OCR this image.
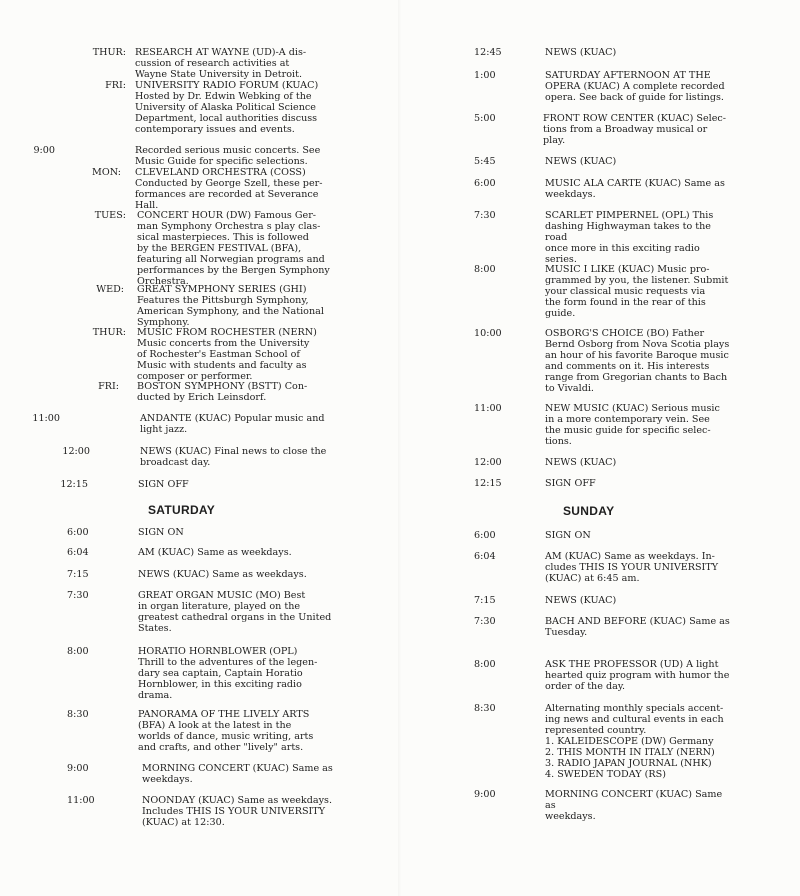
THUR: RESEARCH AT WAYNE (UD)-A dis-
cussion of research activities at
Wayne State University in Detroit.
FRI: UNIVERSITY RADIO FORUM (KUAC)
Hosted by Dr. Edwin Webking of the
University of Alaska Political Science
Department, local authorities discuss
contemporary issues and events.
9:00	Recorded serious music concerts. See
Music Guide for specific selections.
MON: CLEVELAND ORCHESTRA (COSS)
Conducted by George Szell, these per-
formances are recorded at Severance
Hall.
TUES: CONCERT HOUR (DW) Famous Ger-
man Symphony Orchestra s play clas-
sical masterpieces. This is followed
by the BERGEN FESTIVAL (BFA),
featuring all Norwegian programs and
performances by the Bergen Symphony
Orchestra.
WED: GREAT SYMPHONY SERIES (GHI)
Features the Pittsburgh Symphony,
American Symphony, and the National
Symphony.
THUR: MUSIC FROM ROCHESTER (NERN)
Music concerts from the University
of Rochester's Eastman School of
Music with students and faculty as
composer or performer.
FRI: BOSTON SYMPHONY (BSTT) Con-
ducted by Erich Leinsdorf.
11:00	ANDANTE (KUAC) Popular music and
light jazz.
12:00	NEWS (KUAC) Final news to close the
broadcast day.
12:15	SIGN OFF
SATURDAY
6:00	SIGN ON
6:04	AM (KUAC) Same as weekdays.
7:15	NEWS (KUAC) Same as weekdays.
7:30	GREAT ORGAN MUSIC (MO) Best
in organ literature, played on the
greatest cathedral organs in the United
States.
8:00	HORATIO HORNBLOWER (OPL)
Thrill to the adventures of the legen-
dary sea captain, Captain Horatio
Hornblower, in this exciting radio
drama.
8:30	PANORAMA OF THE LIVELY ARTS
(BFA) A look at the latest in the
worlds of dance, music writing, arts
and crafts, and other "lively" arts.
9:00	MORNING CONCERT (KUAC) Same as
weekdays.
11:00	NOONDAY (KUAC) Same as weekdays.
Includes THIS IS YOUR UNIVERSITY
(KUAC) at 12:30.
12:45	NEWS (KUAC)
1:00	SATURDAY AFTERNOON AT THE
OPERA (KUAC) A complete recorded
opera. See back of guide for listings.
5:00	FRONT ROW CENTER (KUAC) Selec-
tions from a Broadway musical or
play.
5:45	NEWS (KUAC)
6:00	MUSIC ALA CARTE (KUAC) Same as
weekdays.
7:30	SCARLET PIMPERNEL (OPL) This
dashing Highwayman takes to the road
once more in this exciting radio
series.
8:00	MUSIC I LIKE (KUAC) Music pro-
grammed by you, the listener. Submit
your classical music requests via
the form found in the rear of this
guide.
10:00	OSBORG'S CHOICE (BO) Father
Bernd Osborg from Nova Scotia plays
an hour of his favorite Baroque music
and comments on it. His interests
range from Gregorian chants to Bach
to Vivaldi.
11:00	NEW MUSIC (KUAC) Serious music
in a more contemporary vein. See
the music guide for specific selec-
tions.
12:00	NEWS (KUAC)
12:15	SIGN OFF
SUNDAY
6:00	SIGN ON
6:04	AM (KUAC) Same as weekdays. In-
cludes THIS IS YOUR UNIVERSITY
(KUAC) at 6:45 am.
7:15	NEWS (KUAC)
7:30	BACH AND BEFORE (KUAC) Same as
Tuesday.
8:00	ASK THE PROFESSOR (UD) A light
hearted quiz program with humor the
order of the day.
8:30	Alternating monthly specials accent-
ing news and cultural events in each
represented country.
1. KALEIDESCOPE (DW) Germany
2. THIS MONTH IN ITALY (NERN)
3. RADIO JAPAN JOURNAL (NHK)
4. SWEDEN TODAY (RS)
9:00	MORNING CONCERT (KUAC) Same as
weekdays.
